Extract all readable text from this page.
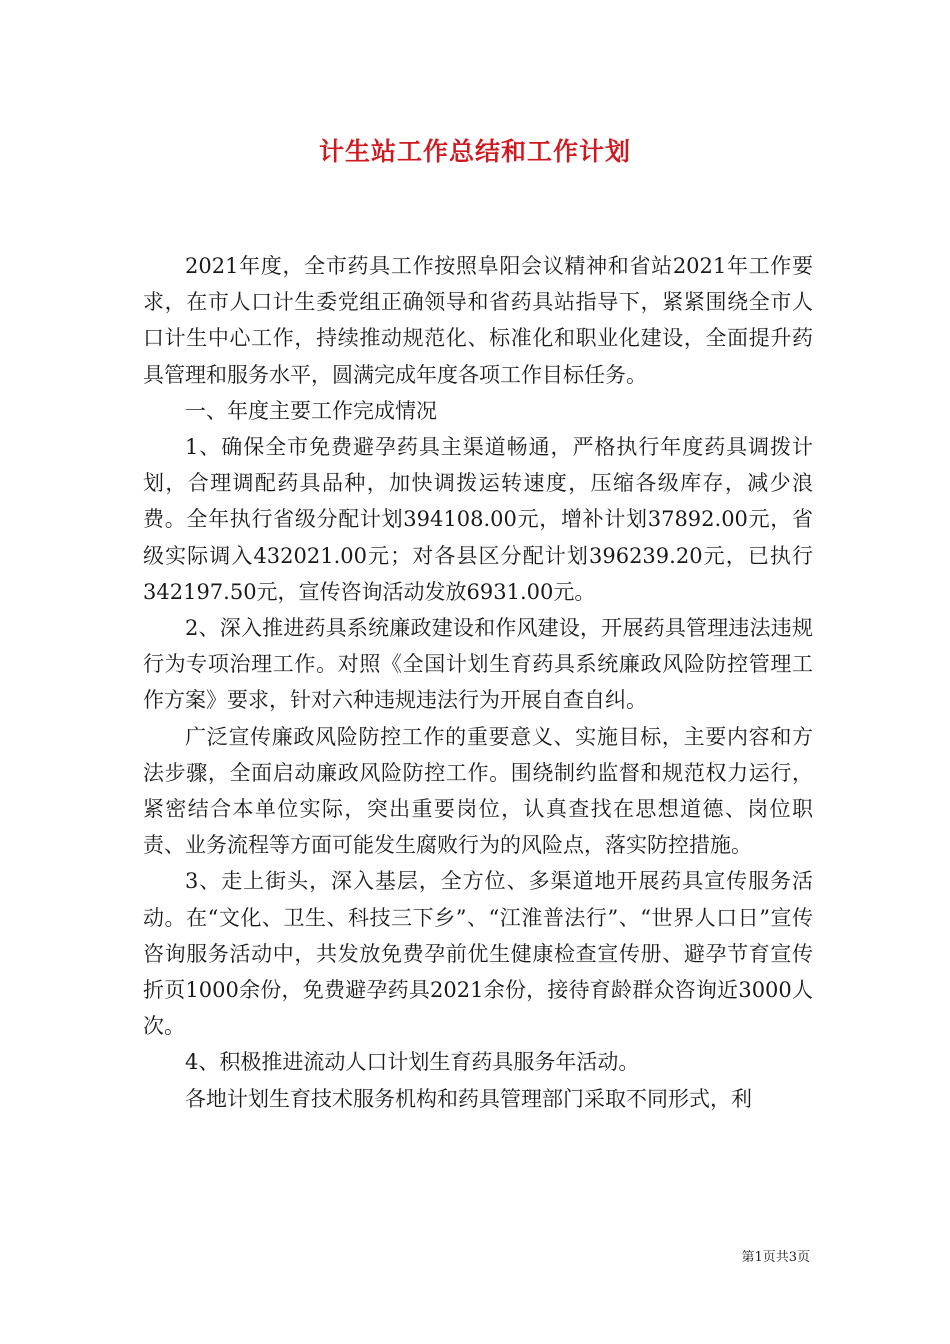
计生站工作总结和工作计划

2021年度，全市药具工作按照阜阳会议精神和省站2021年工作要求，在市人口计生委党组正确领导和省药具站指导下，紧紧围绕全市人口计生中心工作，持续推动规范化、标准化和职业化建设，全面提升药具管理和服务水平，圆满完成年度各项工作目标任务。

一、年度主要工作完成情况

1、确保全市免费避孕药具主渠道畅通，严格执行年度药具调拨计划，合理调配药具品种，加快调拨运转速度，压缩各级库存，减少浪费。全年执行省级分配计划394108.00元，增补计划37892.00元，省级实际调入432021.00元；对各县区分配计划396239.20元，已执行342197.50元，宣传咨询活动发放6931.00元。

2、深入推进药具系统廉政建设和作风建设，开展药具管理违法违规行为专项治理工作。对照《全国计划生育药具系统廉政风险防控管理工作方案》要求，针对六种违规违法行为开展自查自纠。

广泛宣传廉政风险防控工作的重要意义、实施目标，主要内容和方法步骤，全面启动廉政风险防控工作。围绕制约监督和规范权力运行，紧密结合本单位实际，突出重要岗位，认真查找在思想道德、岗位职责、业务流程等方面可能发生腐败行为的风险点，落实防控措施。

3、走上街头，深入基层，全方位、多渠道地开展药具宣传服务活动。在“文化、卫生、科技三下乡”、“江淮普法行”、“世界人口日”宣传咨询服务活动中，共发放免费孕前优生健康检查宣传册、避孕节育宣传折页1000余份，免费避孕药具2021余份，接待育龄群众咨询近3000人次。

4、积极推进流动人口计划生育药具服务年活动。

各地计划生育技术服务机构和药具管理部门采取不同形式，利

第1页共3页
